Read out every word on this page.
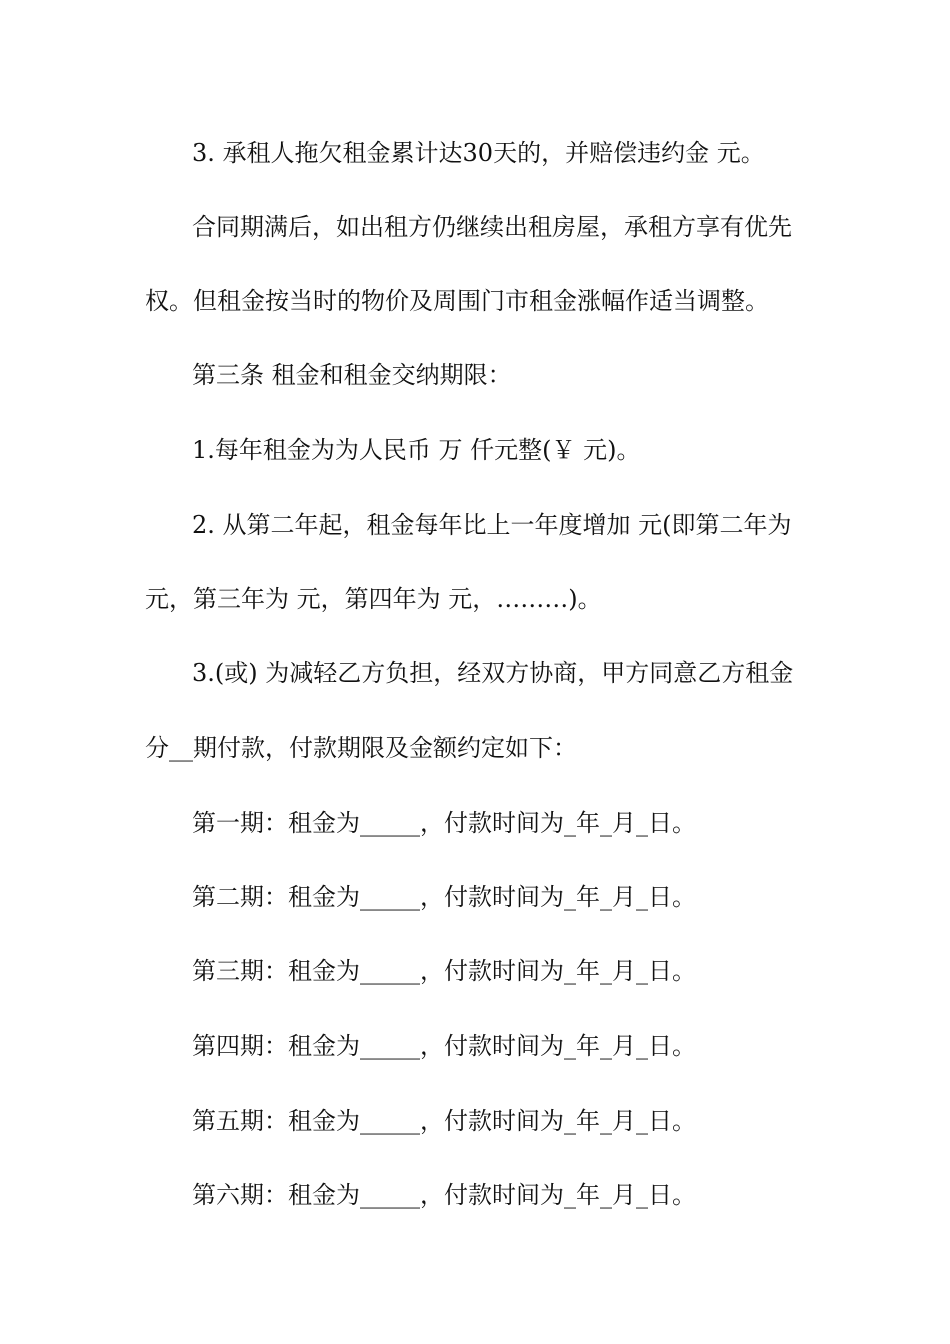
3. 承租人拖欠租金累计达30天的，并赔偿违约金 元。
合同期满后，如出租方仍继续出租房屋，承租方享有优先
权。但租金按当时的物价及周围门市租金涨幅作适当调整。
第三条 租金和租金交纳期限：
1.每年租金为为人民币 万 仟元整(￥ 元)。
2. 从第二年起，租金每年比上一年度增加 元(即第二年为
元，第三年为 元，第四年为 元，………)。
3.(或) 为减轻乙方负担，经双方协商，甲方同意乙方租金
分__期付款，付款期限及金额约定如下：
第一期：租金为_____，付款时间为_年_月_日。
第二期：租金为_____，付款时间为_年_月_日。
第三期：租金为_____，付款时间为_年_月_日。
第四期：租金为_____，付款时间为_年_月_日。
第五期：租金为_____，付款时间为_年_月_日。
第六期：租金为_____，付款时间为_年_月_日。
